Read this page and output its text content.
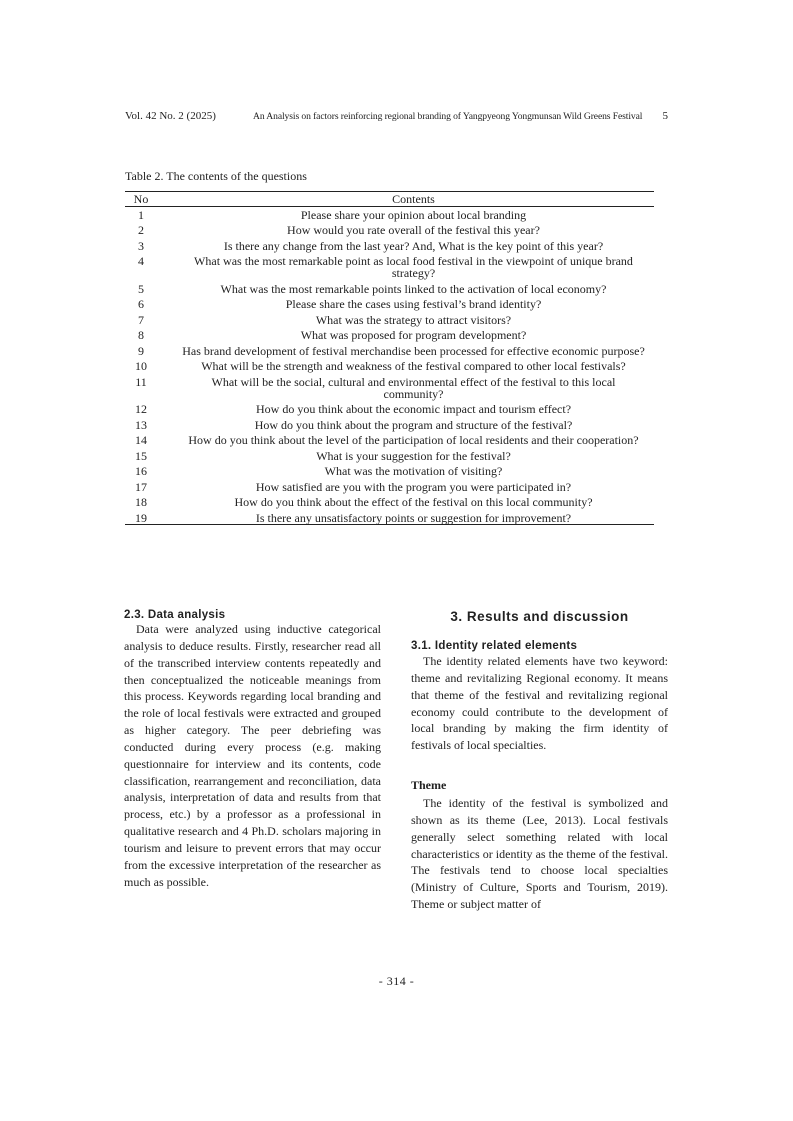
Vol. 42 No. 2 (2025)	An Analysis on factors reinforcing regional branding of Yangpyeong Yongmunsan Wild Greens Festival 5
Table 2. The contents of the questions
No	Contents
1	Please share your opinion about local branding
2	How would you rate overall of the festival this year?
3	Is there any change from the last year? And, What is the key point of this year?
4	What was the most remarkable point as local food festival in the viewpoint of unique brand strategy?
5	What was the most remarkable points linked to the activation of local economy?
6	Please share the cases using festival’s brand identity?
7	What was the strategy to attract visitors?
8	What was proposed for program development?
9	Has brand development of festival merchandise been processed for effective economic purpose?
10	What will be the strength and weakness of the festival compared to other local festivals?
11	What will be the social, cultural and environmental effect of the festival to this local community?
12	How do you think about the economic impact and tourism effect?
13	How do you think about the program and structure of the festival?
14	How do you think about the level of the participation of local residents and their cooperation?
15	What is your suggestion for the festival?
16	What was the motivation of visiting?
17	How satisfied are you with the program you were participated in?
18	How do you think about the effect of the festival on this local community?
19	Is there any unsatisfactory points or suggestion for improvement?
2.3. Data analysis

Data were analyzed using inductive categorical analysis to deduce results. Firstly, researcher read all of the transcribed interview contents repeatedly and then conceptualized the noticeable meanings from this process. Keywords regarding local branding and the role of local festivals were extracted and grouped as higher category. The peer debriefing was conducted during every process (e.g. making questionnaire for interview and its contents, code classification, rearrangement and reconciliation, data analysis, interpretation of data and results from that process, etc.) by a professor as a professional in qualitative research and 4 Ph.D. scholars majoring in tourism and leisure to prevent errors that may occur from the excessive interpretation of the researcher as much as possible.

3. Results and discussion
3.1. Identity related elements

The identity related elements have two keyword: theme and revitalizing Regional economy. It means that theme of the festival and revitalizing regional economy could contribute to the development of local branding by making the firm identity of festivals of local specialties.

Theme

The identity of the festival is symbolized and shown as its theme (Lee, 2013). Local festivals generally select something related with local characteristics or identity as the theme of the festival. The festivals tend to choose local specialties (Ministry of Culture, Sports and Tourism, 2019). Theme or subject matter of

- 314 -
